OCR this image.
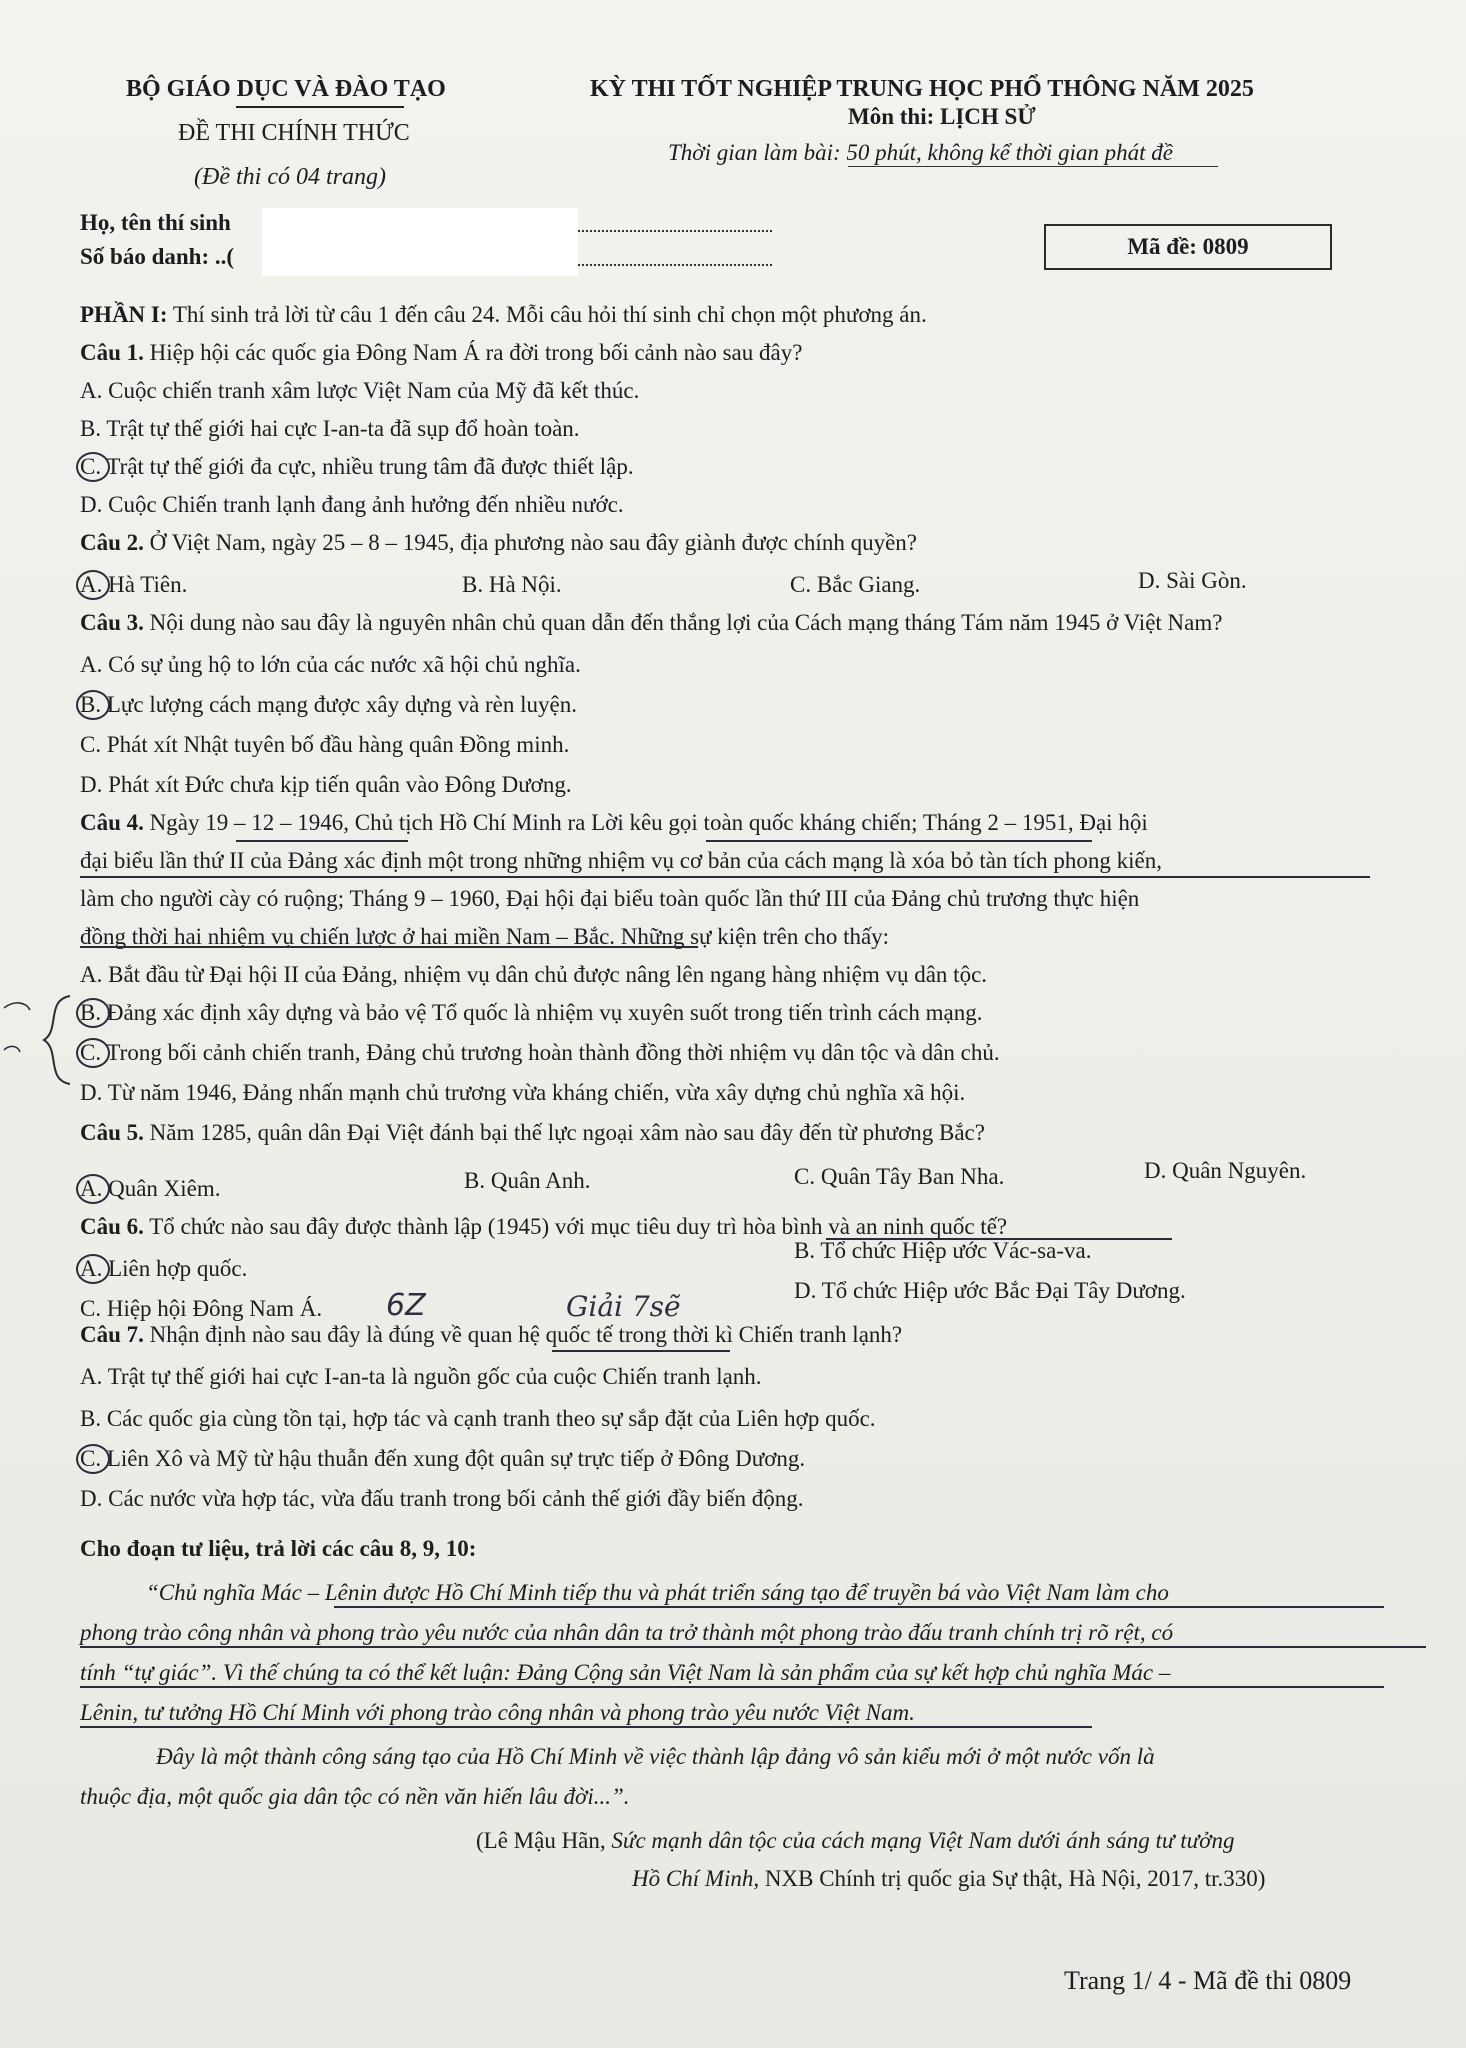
BỘ GIÁO DỤC VÀ ĐÀO TẠO
ĐỀ THI CHÍNH THỨC
(Đề thi có 04 trang)
KỲ THI TỐT NGHIỆP TRUNG HỌC PHỔ THÔNG NĂM 2025
Môn thi: LỊCH SỬ
Thời gian làm bài: 50 phút, không kể thời gian phát đề
Họ, tên thí sinh
Số báo danh: ..(	Mã đề: 0809
PHẦN I: Thí sinh trả lời từ câu 1 đến câu 24. Mỗi câu hỏi thí sinh chỉ chọn một phương án.
Câu 1. Hiệp hội các quốc gia Đông Nam Á ra đời trong bối cảnh nào sau đây?
A. Cuộc chiến tranh xâm lược Việt Nam của Mỹ đã kết thúc.
B. Trật tự thế giới hai cực I-an-ta đã sụp đổ hoàn toàn.
C. Trật tự thế giới đa cực, nhiều trung tâm đã được thiết lập.
D. Cuộc Chiến tranh lạnh đang ảnh hưởng đến nhiều nước.
Câu 2. Ở Việt Nam, ngày 25 – 8 – 1945, địa phương nào sau đây giành được chính quyền?
A. Hà Tiên.	B. Hà Nội.	C. Bắc Giang.	D. Sài Gòn.
Câu 3. Nội dung nào sau đây là nguyên nhân chủ quan dẫn đến thắng lợi của Cách mạng tháng Tám năm 1945 ở Việt Nam?
A. Có sự ủng hộ to lớn của các nước xã hội chủ nghĩa.
B. Lực lượng cách mạng được xây dựng và rèn luyện.
C. Phát xít Nhật tuyên bố đầu hàng quân Đồng minh.
D. Phát xít Đức chưa kịp tiến quân vào Đông Dương.
Câu 4. Ngày 19 – 12 – 1946, Chủ tịch Hồ Chí Minh ra Lời kêu gọi toàn quốc kháng chiến; Tháng 2 – 1951, Đại hội
đại biểu lần thứ II của Đảng xác định một trong những nhiệm vụ cơ bản của cách mạng là xóa bỏ tàn tích phong kiến,
làm cho người cày có ruộng; Tháng 9 – 1960, Đại hội đại biểu toàn quốc lần thứ III của Đảng chủ trương thực hiện
đồng thời hai nhiệm vụ chiến lược ở hai miền Nam – Bắc. Những sự kiện trên cho thấy:
A. Bắt đầu từ Đại hội II của Đảng, nhiệm vụ dân chủ được nâng lên ngang hàng nhiệm vụ dân tộc.
B. Đảng xác định xây dựng và bảo vệ Tổ quốc là nhiệm vụ xuyên suốt trong tiến trình cách mạng.
C. Trong bối cảnh chiến tranh, Đảng chủ trương hoàn thành đồng thời nhiệm vụ dân tộc và dân chủ.
D. Từ năm 1946, Đảng nhấn mạnh chủ trương vừa kháng chiến, vừa xây dựng chủ nghĩa xã hội.
Câu 5. Năm 1285, quân dân Đại Việt đánh bại thế lực ngoại xâm nào sau đây đến từ phương Bắc?
A. Quân Xiêm.	B. Quân Anh.	C. Quân Tây Ban Nha.	D. Quân Nguyên.
Câu 6. Tổ chức nào sau đây được thành lập (1945) với mục tiêu duy trì hòa bình và an ninh quốc tế?
A. Liên hợp quốc.
B. Tổ chức Hiệp ước Vác-sa-va.
C. Hiệp hội Đông Nam Á.
D. Tổ chức Hiệp ước Bắc Đại Tây Dương.
6Z	Giải 7sẽ
Câu 7. Nhận định nào sau đây là đúng về quan hệ quốc tế trong thời kì Chiến tranh lạnh?
A. Trật tự thế giới hai cực I-an-ta là nguồn gốc của cuộc Chiến tranh lạnh.
B. Các quốc gia cùng tồn tại, hợp tác và cạnh tranh theo sự sắp đặt của Liên hợp quốc.
C. Liên Xô và Mỹ từ hậu thuẫn đến xung đột quân sự trực tiếp ở Đông Dương.
D. Các nước vừa hợp tác, vừa đấu tranh trong bối cảnh thế giới đầy biến động.
Cho đoạn tư liệu, trả lời các câu 8, 9, 10:
“Chủ nghĩa Mác – Lênin được Hồ Chí Minh tiếp thu và phát triển sáng tạo để truyền bá vào Việt Nam làm cho
phong trào công nhân và phong trào yêu nước của nhân dân ta trở thành một phong trào đấu tranh chính trị rõ rệt, có
tính “tự giác”. Vì thế chúng ta có thể kết luận: Đảng Cộng sản Việt Nam là sản phẩm của sự kết hợp chủ nghĩa Mác –
Lênin, tư tưởng Hồ Chí Minh với phong trào công nhân và phong trào yêu nước Việt Nam.
Đây là một thành công sáng tạo của Hồ Chí Minh về việc thành lập đảng vô sản kiểu mới ở một nước vốn là
thuộc địa, một quốc gia dân tộc có nền văn hiến lâu đời...”.
(Lê Mậu Hãn, Sức mạnh dân tộc của cách mạng Việt Nam dưới ánh sáng tư tưởng
Hồ Chí Minh, NXB Chính trị quốc gia Sự thật, Hà Nội, 2017, tr.330)
Trang 1/ 4 - Mã đề thi 0809
